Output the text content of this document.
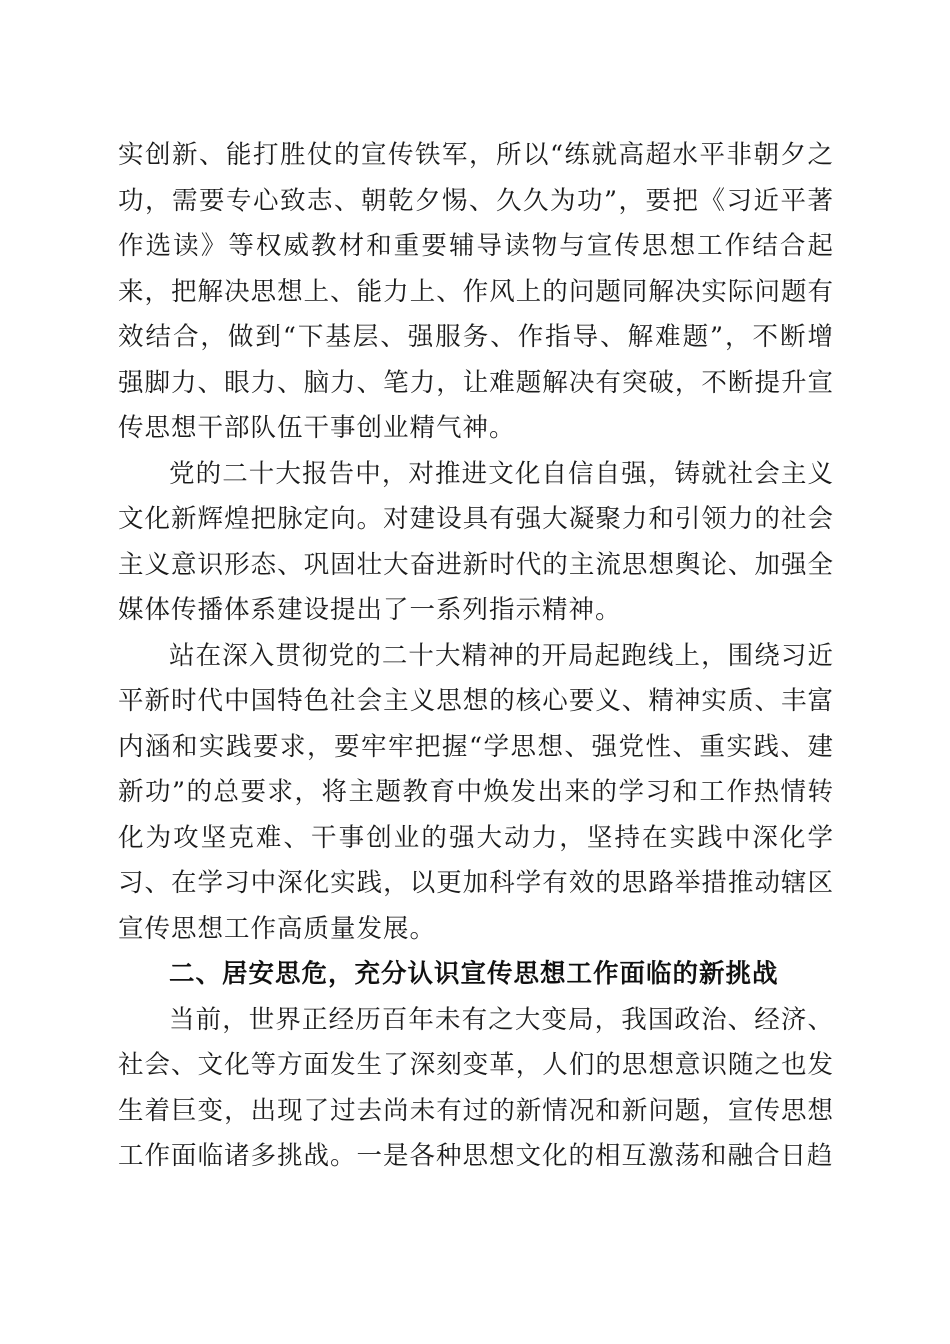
实创新、能打胜仗的宣传铁军，所以“练就高超水平非朝夕之功，需要专心致志、朝乾夕惕、久久为功”，要把《习近平著作选读》等权威教材和重要辅导读物与宣传思想工作结合起来，把解决思想上、能力上、作风上的问题同解决实际问题有效结合，做到“下基层、强服务、作指导、解难题”，不断增强脚力、眼力、脑力、笔力，让难题解决有突破，不断提升宣传思想干部队伍干事创业精气神。

党的二十大报告中，对推进文化自信自强，铸就社会主义文化新辉煌把脉定向。对建设具有强大凝聚力和引领力的社会主义意识形态、巩固壮大奋进新时代的主流思想舆论、加强全媒体传播体系建设提出了一系列指示精神。

站在深入贯彻党的二十大精神的开局起跑线上，围绕习近平新时代中国特色社会主义思想的核心要义、精神实质、丰富内涵和实践要求，要牢牢把握“学思想、强党性、重实践、建新功”的总要求，将主题教育中焕发出来的学习和工作热情转化为攻坚克难、干事创业的强大动力，坚持在实践中深化学习、在学习中深化实践，以更加科学有效的思路举措推动辖区宣传思想工作高质量发展。

二、居安思危，充分认识宣传思想工作面临的新挑战

当前，世界正经历百年未有之大变局，我国政治、经济、社会、文化等方面发生了深刻变革，人们的思想意识随之也发生着巨变，出现了过去尚未有过的新情况和新问题，宣传思想工作面临诸多挑战。一是各种思想文化的相互激荡和融合日趋
